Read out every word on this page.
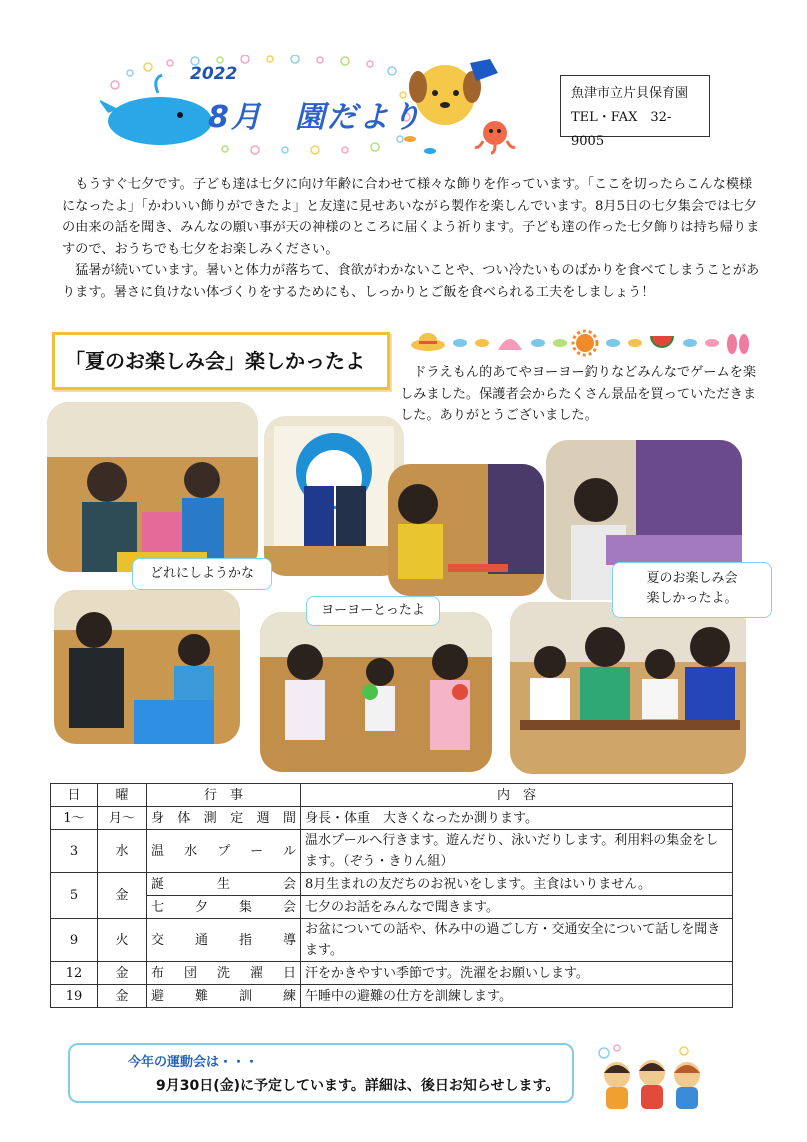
2022
8月　園だより
魚津市立片貝保育園
TEL・FAX　32-9005

もうすぐ七夕です。子ども達は七夕に向け年齢に合わせて様々な飾りを作っています。「ここを切ったらこんな模様になったよ」「かわいい飾りができたよ」と友達に見せあいながら製作を楽しんでいます。8月5日の七夕集会では七夕の由来の話を聞き、みんなの願い事が天の神様のところに届くよう祈ります。子ども達の作った七夕飾りは持ち帰りますので、おうちでも七夕をお楽しみください。

猛暑が続いています。暑いと体力が落ちて、食欲がわかないことや、つい冷たいものばかりを食べてしまうことがあります。暑さに負けない体づくりをするためにも、しっかりとご飯を食べられる工夫をしましょう！

「夏のお楽しみ会」楽しかったよ	ドラえもん的あてやヨーヨー釣りなどみんなでゲームを楽しみました。保護者会からたくさん景品を買っていただきました。ありがとうございました。

どれにしようかな
ヨーヨーとったよ
夏のお楽しみ会
楽しかったよ。
日	曜	行　事	内　容
1～	月～	身体測定週間	身長・体重　大きくなったか測ります。
3	水	温水プール	温水プールへ行きます。遊んだり、泳いだりします。利用料の集金をします。（ぞう・きりん組）
5	金	誕生会	8月生まれの友だちのお祝いをします。主食はいりません。
		七夕集会	七夕のお話をみんなで聞きます。
9	火	交通指導	お盆についての話や、休み中の過ごし方・交通安全について話しを聞きます。
12	金	布団洗濯日	汗をかきやすい季節です。洗濯をお願いします。
19	金	避難訓練	午睡中の避難の仕方を訓練します。
今年の運動会は・・・
9月30日(金)に予定しています。詳細は、後日お知らせします。
